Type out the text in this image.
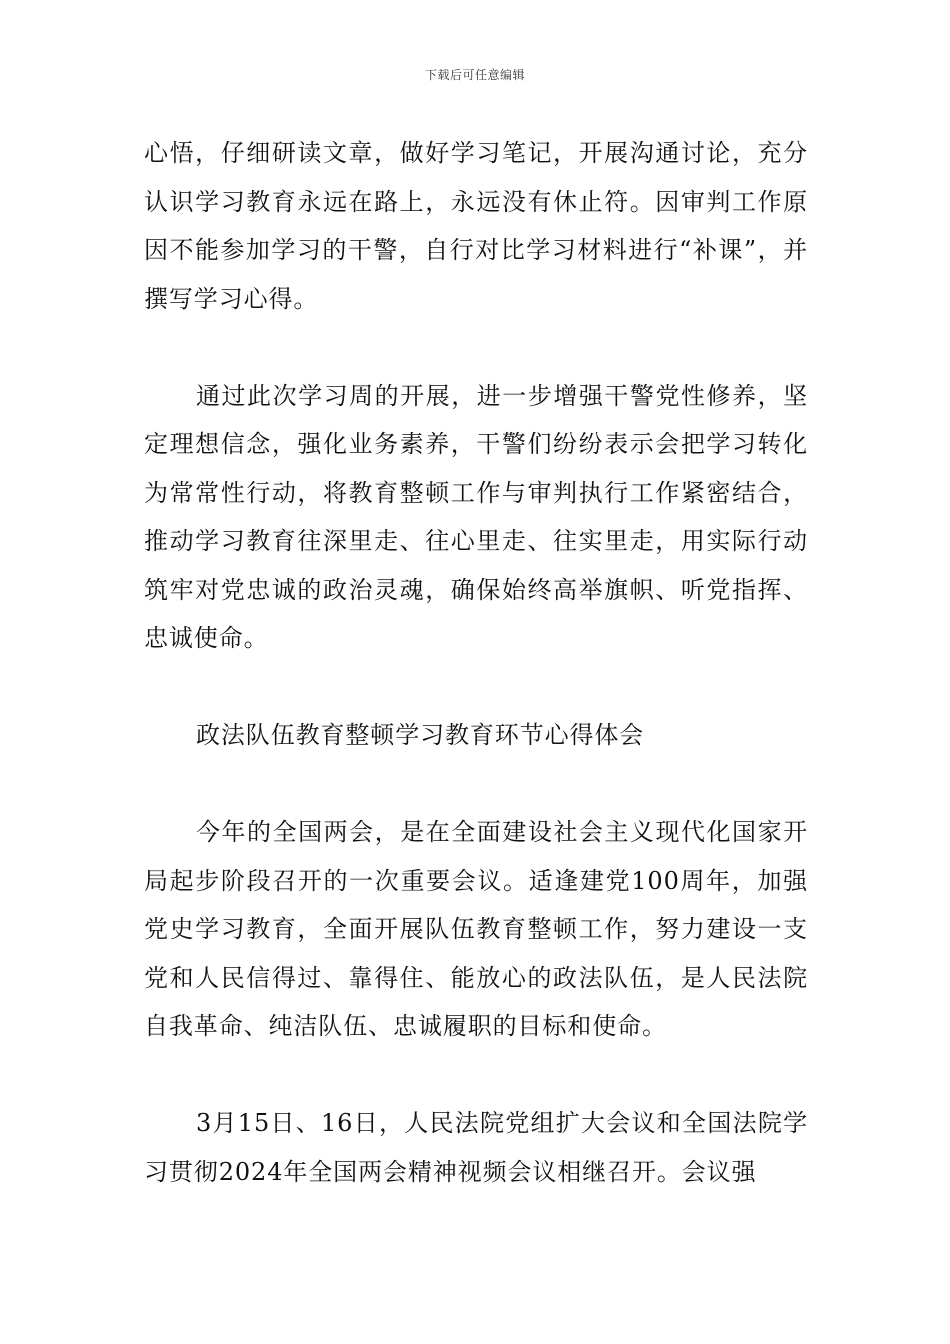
下载后可任意编辑

心悟，仔细研读文章，做好学习笔记，开展沟通讨论，充分认识学习教育永远在路上，永远没有休止符。因审判工作原因不能参加学习的干警，自行对比学习材料进行“补课”，并撰写学习心得。

通过此次学习周的开展，进一步增强干警党性修养，坚定理想信念，强化业务素养，干警们纷纷表示会把学习转化为常常性行动，将教育整顿工作与审判执行工作紧密结合，推动学习教育往深里走、往心里走、往实里走，用实际行动筑牢对党忠诚的政治灵魂，确保始终高举旗帜、听党指挥、忠诚使命。

政法队伍教育整顿学习教育环节心得体会

今年的全国两会，是在全面建设社会主义现代化国家开局起步阶段召开的一次重要会议。适逢建党100周年，加强党史学习教育，全面开展队伍教育整顿工作，努力建设一支党和人民信得过、靠得住、能放心的政法队伍，是人民法院自我革命、纯洁队伍、忠诚履职的目标和使命。

3月15日、16日，人民法院党组扩大会议和全国法院学习贯彻2024年全国两会精神视频会议相继召开。会议强
